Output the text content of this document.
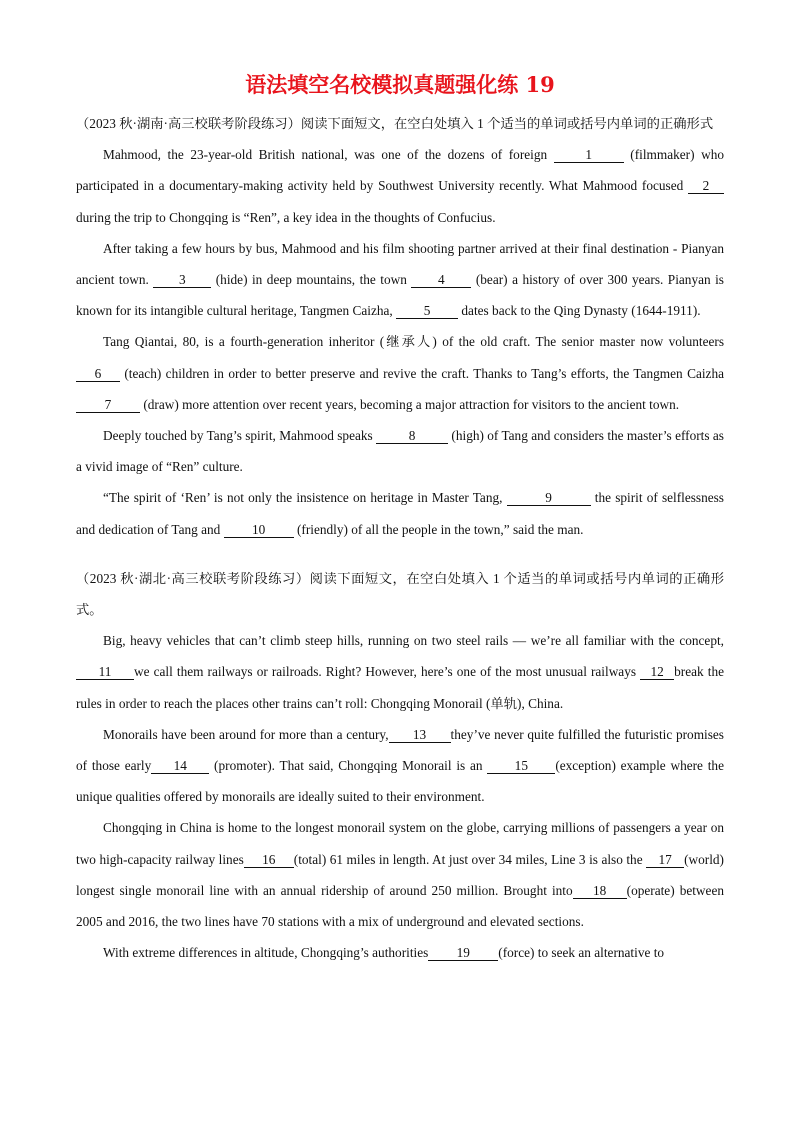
语法填空名校模拟真题强化练 19

（2023 秋·湖南·高三校联考阶段练习）阅读下面短文，在空白处填入 1 个适当的单词或括号内单词的正确形式

Mahmood, the 23-year-old British national, was one of the dozens of foreign 1 (filmmaker) who participated in a documentary-making activity held by Southwest University recently. What Mahmood focused 2during the trip to Chongqing is “Ren”, a key idea in the thoughts of Confucius.

After taking a few hours by bus, Mahmood and his film shooting partner arrived at their final destination - Pianyan ancient town. 3 (hide) in deep mountains, the town 4 (bear) a history of over 300 years. Pianyan is known for its intangible cultural heritage, Tangmen Caizha, 5 dates back to the Qing Dynasty (1644-1911).

Tang Qiantai, 80, is a fourth-generation inheritor (继承人) of the old craft. The senior master now volunteers 6 (teach) children in order to better preserve and revive the craft. Thanks to Tang’s efforts, the Tangmen Caizha 7 (draw) more attention over recent years, becoming a major attraction for visitors to the ancient town.

Deeply touched by Tang’s spirit, Mahmood speaks 8 (high) of Tang and considers the master’s efforts as a vivid image of “Ren” culture.

“The spirit of ‘Ren’ is not only the insistence on heritage in Master Tang,	9	the spirit of selflessness and dedication of Tang and 10 (friendly) of all the people in the town,” said the man.

（2023 秋·湖北·高三校联考阶段练习）阅读下面短文，在空白处填入 1 个适当的单词或括号内单词的正确形式。

Big, heavy vehicles that can’t climb steep hills, running on two steel rails — we’re all familiar with the concept,11 we call them railways or railroads. Right? However, here’s one of the most unusual railways 12 break the rules in order to reach the places other trains can’t roll: Chongqing Monorail (单轨), China.

Monorails have been around for more than a century, 13 they’ve never quite fulfilled the futuristic promises of those early 14 (promoter). That said, Chongqing Monorail is an 15 (exception) example where the unique qualities offered by monorails are ideally suited to their environment.

Chongqing in China is home to the longest monorail system on the globe, carrying millions of passengers a year on two high-capacity railway lines 16 (total) 61 miles in length. At just over 34 miles, Line 3 is also the 17 (world) longest single monorail line with an annual ridership of around 250 million. Brought into 18 (operate) between 2005 and 2016, the two lines have 70 stations with a mix of underground and elevated sections.

With extreme differences in altitude, Chongqing’s authorities 19 (force) to seek an alternative to
